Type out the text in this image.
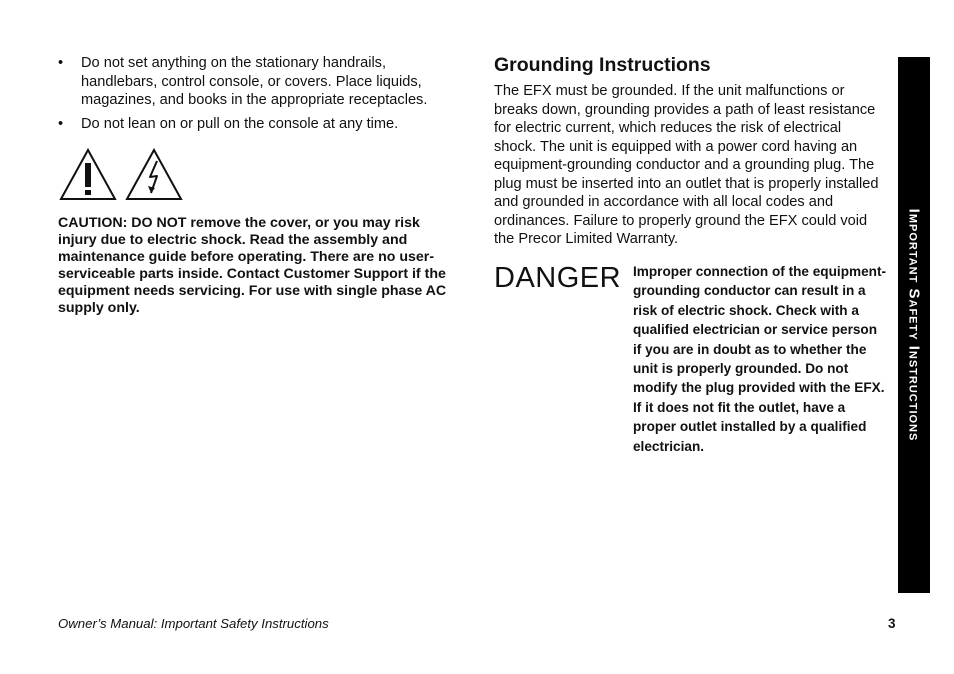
• Do not set anything on the stationary handrails, handlebars, control console, or covers. Place liquids, magazines, and books in the appropriate receptacles.
• Do not lean on or pull on the console at any time.

CAUTION: DO NOT remove the cover, or you may risk injury due to electric shock. Read the assembly and maintenance guide before operating. There are no user-serviceable parts inside. Contact Customer Support if the equipment needs servicing. For use with single phase AC supply only.

Grounding Instructions

The EFX must be grounded. If the unit malfunctions or breaks down, grounding provides a path of least resistance for electric current, which reduces the risk of electrical shock. The unit is equipped with a power cord having an equipment-grounding conductor and a grounding plug. The plug must be inserted into an outlet that is properly installed and grounded in accordance with all local codes and ordinances. Failure to properly ground the EFX could void the Precor Limited Warranty.

DANGER Improper connection of the equipment-grounding conductor can result in a risk of electric shock. Check with a qualified electrician or service person if you are in doubt as to whether the unit is properly grounded. Do not modify the plug provided with the EFX. If it does not fit the outlet, have a proper outlet installed by a qualified electrician.
Important Safety Instructions
Owner’s Manual: Important Safety Instructions	3
